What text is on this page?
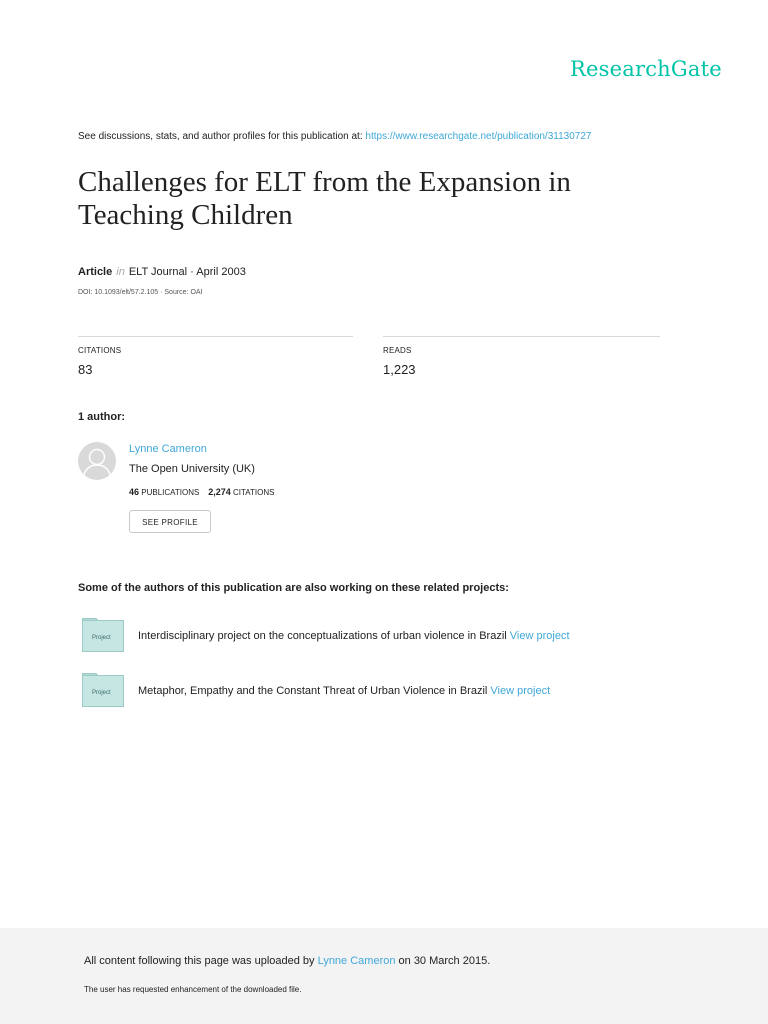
ResearchGate
See discussions, stats, and author profiles for this publication at: https://www.researchgate.net/publication/31130727
Challenges for ELT from the Expansion in
Teaching Children
Article in ELT Journal · April 2003
DOI: 10.1093/elt/57.2.105 · Source: OAI
CITATIONS
83
READS
1,223
1 author:
Lynne Cameron
The Open University (UK)
46 PUBLICATIONS 2,274 CITATIONS
SEE PROFILE
Some of the authors of this publication are also working on these related projects:
Project Interdisciplinary project on the conceptualizations of urban violence in Brazil View project
Project Metaphor, Empathy and the Constant Threat of Urban Violence in Brazil View project
All content following this page was uploaded by Lynne Cameron on 30 March 2015.
The user has requested enhancement of the downloaded file.
